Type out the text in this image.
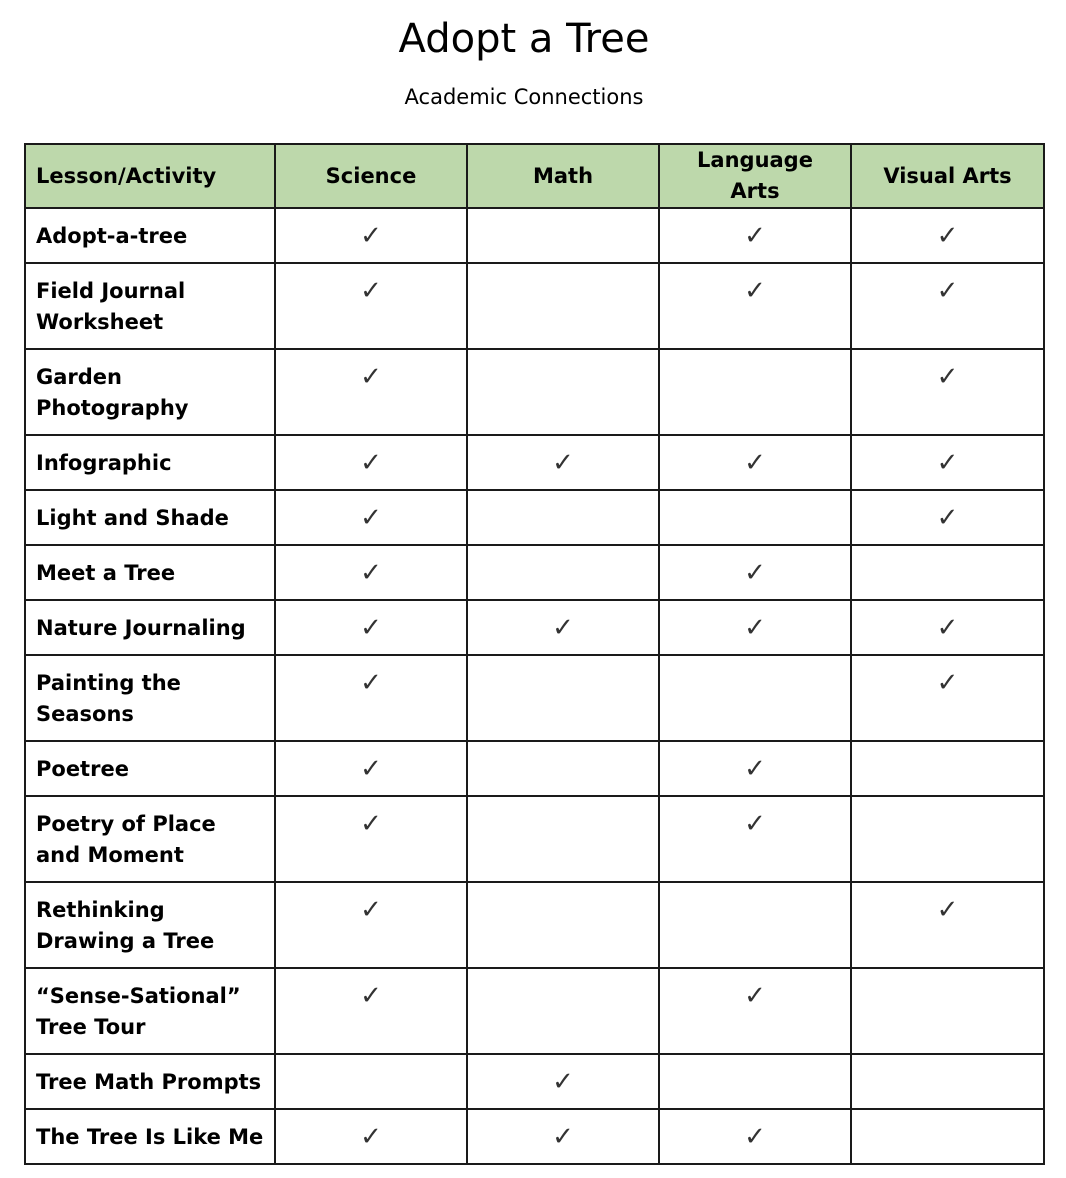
Adopt a Tree

Academic Connections

Lesson/Activity	Science	Math	Language Arts	Visual Arts
Adopt-a-tree	✓		✓	✓
Field Journal Worksheet	✓		✓	✓
Garden Photography	✓			✓
Infographic	✓	✓	✓	✓
Light and Shade	✓			✓
Meet a Tree	✓		✓	
Nature Journaling	✓	✓	✓	✓
Painting the Seasons	✓			✓
Poetree	✓		✓	
Poetry of Place and Moment	✓		✓	
Rethinking Drawing a Tree	✓			✓
“Sense-Sational” Tree Tour	✓		✓	
Tree Math Prompts		✓		
The Tree Is Like Me	✓	✓	✓	
